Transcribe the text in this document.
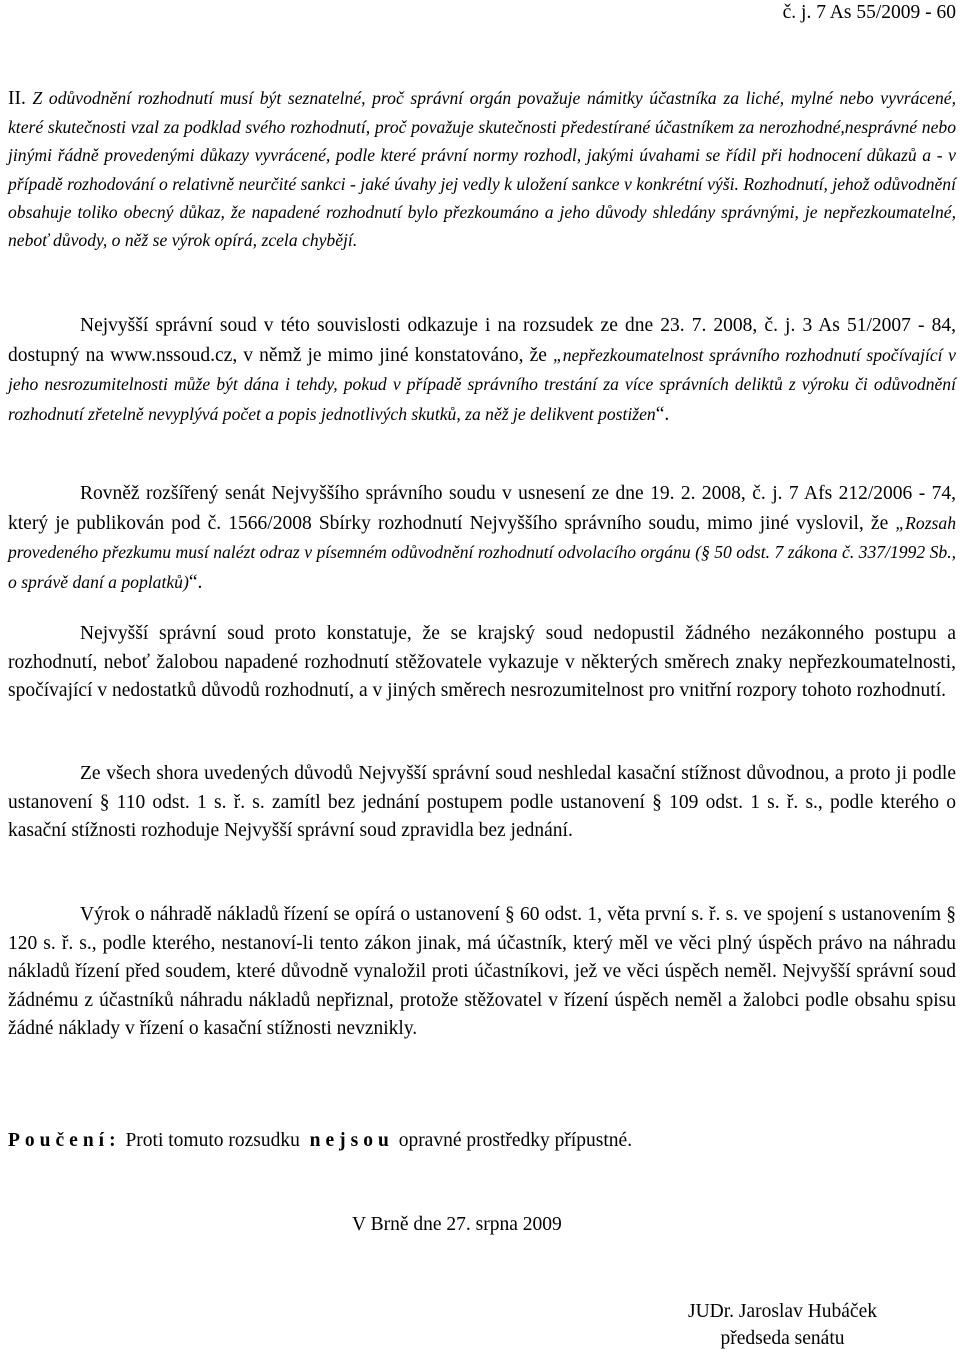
č. j. 7 As 55/2009 - 60
II. Z odůvodnění rozhodnutí musí být seznatelné, proč správní orgán považuje námitky účastníka za liché, mylné nebo vyvrácené, které skutečnosti vzal za podklad svého rozhodnutí, proč považuje skutečnosti předestírané účastníkem za nerozhodné,nesprávné nebo jinými řádně provedenými důkazy vyvrácené, podle které právní normy rozhodl, jakými úvahami se řídil při hodnocení důkazů a - v případě rozhodování o relativně neurčité sankci - jaké úvahy jej vedly k uložení sankce v konkrétní výši. Rozhodnutí, jehož odůvodnění obsahuje toliko obecný důkaz, že napadené rozhodnutí bylo přezkoumáno a jeho důvody shledány správnými, je nepřezkoumatelné, neboť důvody, o něž se výrok opírá, zcela chybějí.
Nejvyšší správní soud v této souvislosti odkazuje i na rozsudek ze dne 23. 7. 2008, č. j. 3 As 51/2007 - 84, dostupný na www.nssoud.cz, v němž je mimo jiné konstatováno, že „nepřezkoumatelnost správního rozhodnutí spočívající v jeho nesrozumitelnosti může být dána i tehdy, pokud v případě správního trestání za více správních deliktů z výroku či odůvodnění rozhodnutí zřetelně nevyplývá počet a popis jednotlivých skutků, za něž je delikvent postižen“.
Rovněž rozšířený senát Nejvyššího správního soudu v usnesení ze dne 19. 2. 2008, č. j. 7 Afs 212/2006 - 74, který je publikován pod č. 1566/2008 Sbírky rozhodnutí Nejvyššího správního soudu, mimo jiné vyslovil, že „Rozsah provedeného přezkumu musí nalézt odraz v písemném odůvodnění rozhodnutí odvolacího orgánu (§ 50 odst. 7 zákona č. 337/1992 Sb., o správě daní a poplatků)“.
Nejvyšší správní soud proto konstatuje, že se krajský soud nedopustil žádného nezákonného postupu a rozhodnutí, neboť žalobou napadené rozhodnutí stěžovatele vykazuje v některých směrech znaky nepřezkoumatelnosti, spočívající v nedostatků důvodů rozhodnutí, a v jiných směrech nesrozumitelnost pro vnitřní rozpory tohoto rozhodnutí.
Ze všech shora uvedených důvodů Nejvyšší správní soud neshledal kasační stížnost důvodnou, a proto ji podle ustanovení § 110 odst. 1 s. ř. s. zamítl bez jednání postupem podle ustanovení § 109 odst. 1 s. ř. s., podle kterého o kasační stížnosti rozhoduje Nejvyšší správní soud zpravidla bez jednání.
Výrok o náhradě nákladů řízení se opírá o ustanovení § 60 odst. 1, věta první s. ř. s. ve spojení s ustanovením § 120 s. ř. s., podle kterého, nestanoví-li tento zákon jinak, má účastník, který měl ve věci plný úspěch právo na náhradu nákladů řízení před soudem, které důvodně vynaložil proti účastníkovi, jež ve věci úspěch neměl. Nejvyšší správní soud žádnému z účastníků náhradu nákladů nepřiznal, protože stěžovatel v řízení úspěch neměl a žalobci podle obsahu spisu žádné náklady v řízení o kasační stížnosti nevznikly.
Poučení: Proti tomuto rozsudku  nejsou opravné prostředky přípustné.
V Brně dne 27. srpna 2009
JUDr. Jaroslav Hubáček
předseda senátu
